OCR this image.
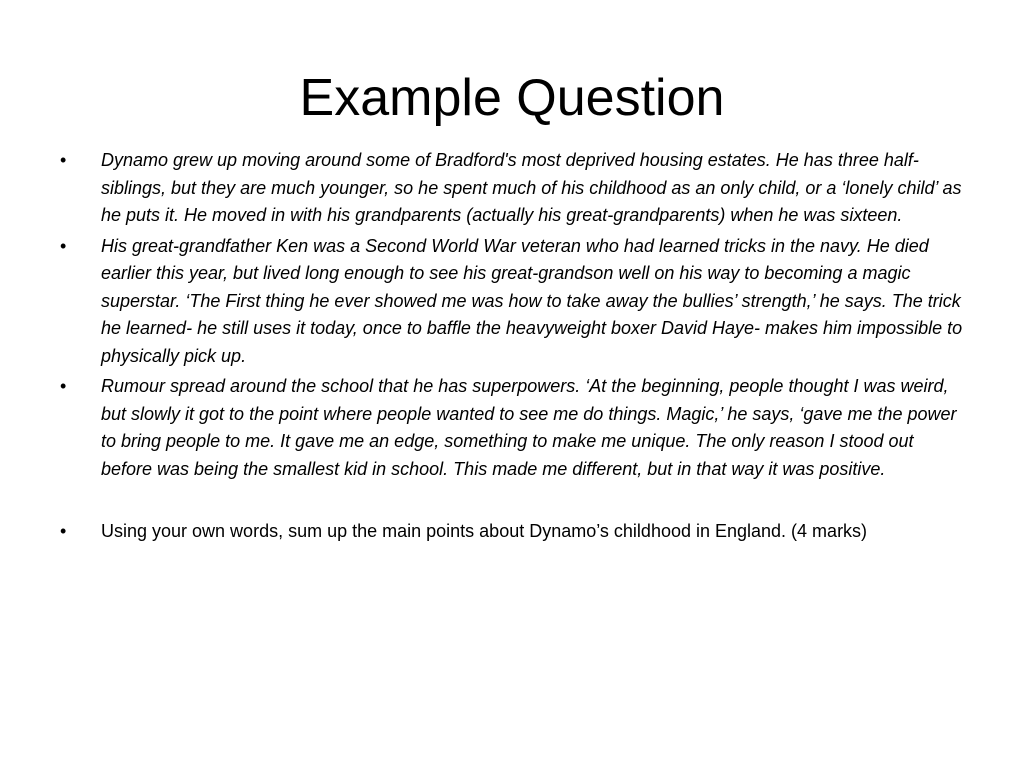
Example Question
• Dynamo grew up moving around some of Bradford's most deprived housing estates. He has three half-siblings, but they are much younger, so he spent much of his childhood as an only child, or a ‘lonely child’ as he puts it. He moved in with his grandparents (actually his great-grandparents) when he was sixteen.
• His great-grandfather Ken was a Second World War veteran who had learned tricks in the navy. He died earlier this year, but lived long enough to see his great-grandson well on his way to becoming a magic superstar. ‘The First thing he ever showed me was how to take away the bullies’ strength,’ he says. The trick he learned- he still uses it today, once to baffle the heavyweight boxer David Haye- makes him impossible to physically pick up.
• Rumour spread around the school that he has superpowers. ‘At the beginning, people thought I was weird, but slowly it got to the point where people wanted to see me do things. Magic,’ he says, ‘gave me the power to bring people to me. It gave me an edge, something to make me unique. The only reason I stood out before was being the smallest kid in school. This made me different, but in that way it was positive.
• Using your own words, sum up the main points about Dynamo’s childhood in England. (4 marks)
